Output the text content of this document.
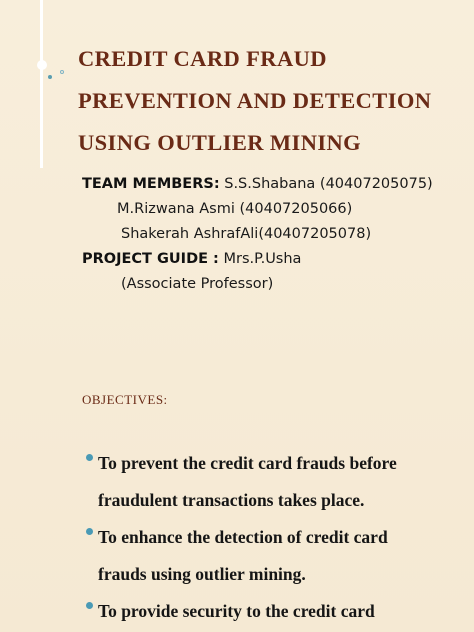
CREDIT CARD FRAUD
PREVENTION AND DETECTION
USING OUTLIER MINING
TEAM MEMBERS: S.S.Shabana (40407205075)
M.Rizwana Asmi (40407205066)
Shakerah AshrafAli(40407205078)
PROJECT GUIDE : Mrs.P.Usha
(Associate Professor)
OBJECTIVES:
To prevent the credit card frauds before
fraudulent transactions takes place.
To enhance the detection of credit card
frauds using outlier mining.
To provide security to the credit card
